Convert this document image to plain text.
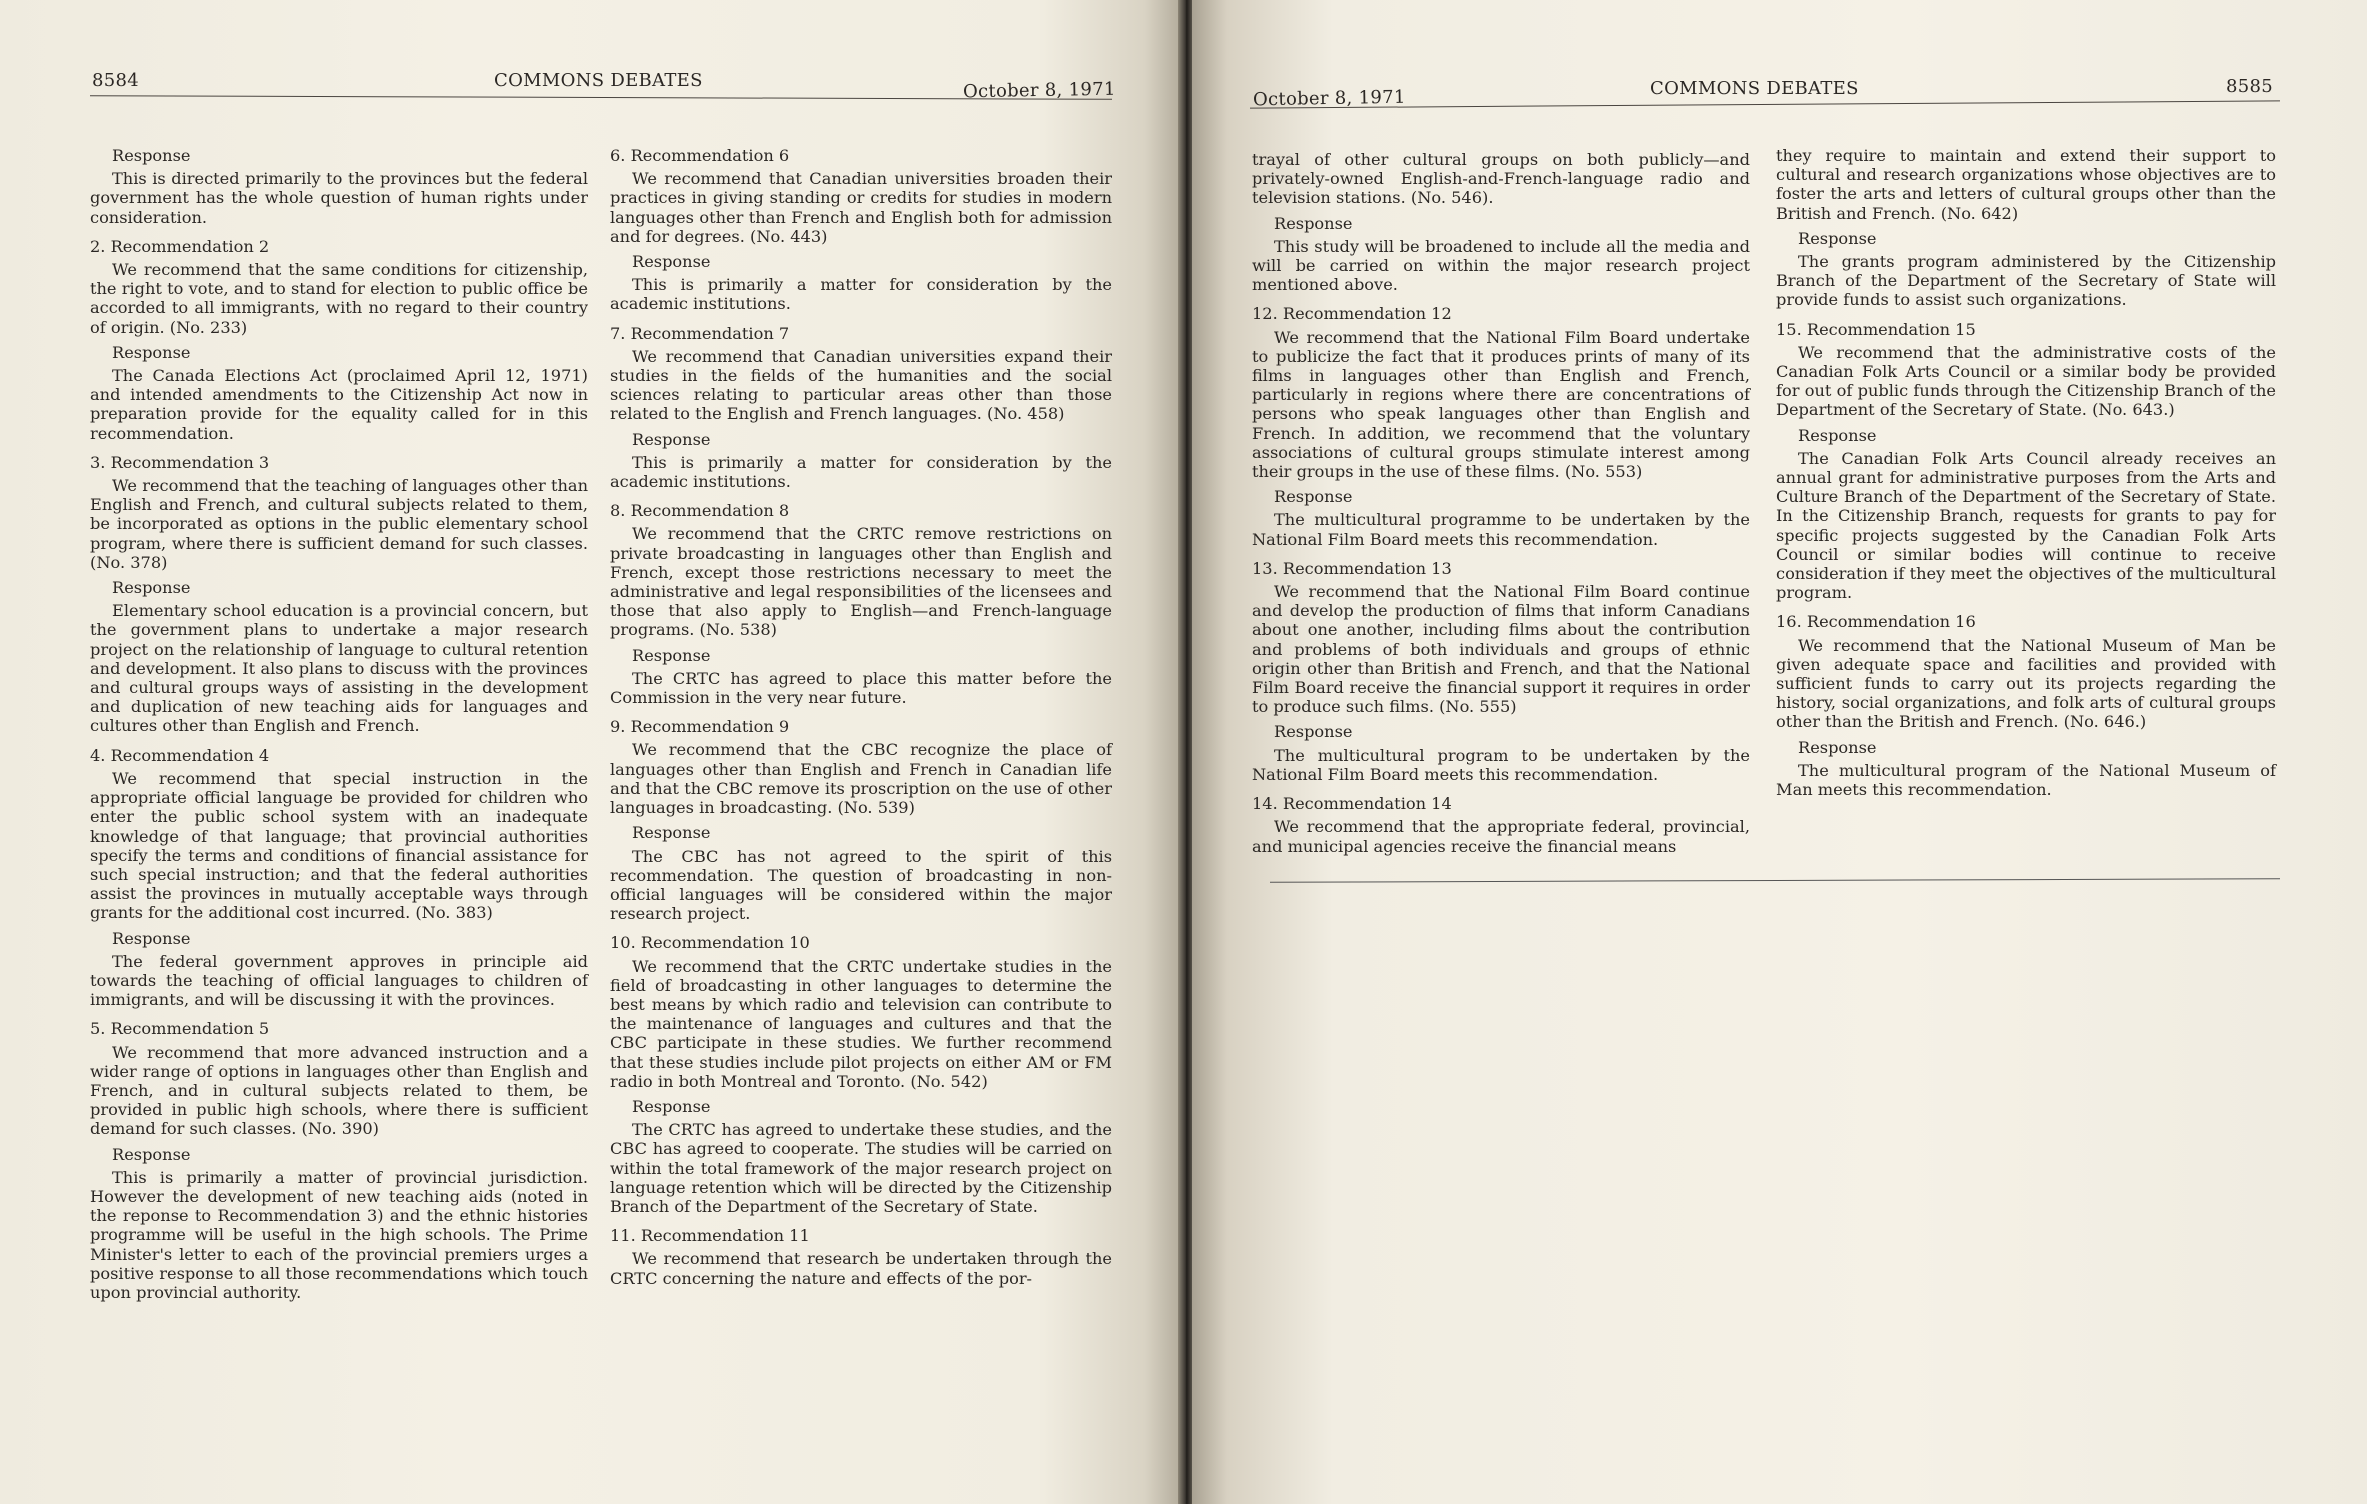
8584	COMMONS DEBATES	October 8, 1971

Response

This is directed primarily to the provinces but the federal government has the whole question of human rights under consideration.

2. Recommendation 2

We recommend that the same conditions for citizenship, the right to vote, and to stand for election to public office be accorded to all immigrants, with no regard to their country of origin. (No. 233)

Response

The Canada Elections Act (proclaimed April 12, 1971) and intended amendments to the Citizenship Act now in preparation provide for the equality called for in this recommendation.

3. Recommendation 3

We recommend that the teaching of languages other than English and French, and cultural subjects related to them, be incorporated as options in the public elementary school program, where there is sufficient demand for such classes. (No. 378)

Response

Elementary school education is a provincial concern, but the government plans to undertake a major research project on the relationship of language to cultural retention and development. It also plans to discuss with the provinces and cultural groups ways of assisting in the development and duplication of new teaching aids for languages and cultures other than English and French.

4. Recommendation 4

We recommend that special instruction in the appropriate official language be provided for children who enter the public school system with an inadequate knowledge of that language; that provincial authorities specify the terms and conditions of financial assistance for such special instruction; and that the federal authorities assist the provinces in mutually acceptable ways through grants for the additional cost incurred. (No. 383)

Response

The federal government approves in principle aid towards the teaching of official languages to children of immigrants, and will be discussing it with the provinces.

5. Recommendation 5

We recommend that more advanced instruction and a wider range of options in languages other than English and French, and in cultural subjects related to them, be provided in public high schools, where there is sufficient demand for such classes. (No. 390)

Response

This is primarily a matter of provincial jurisdiction. However the development of new teaching aids (noted in the reponse to Recommendation 3) and the ethnic histories programme will be useful in the high schools. The Prime Minister's letter to each of the provincial premiers urges a positive response to all those recommendations which touch upon provincial authority.

6. Recommendation 6

We recommend that Canadian universities broaden their practices in giving standing or credits for studies in modern languages other than French and English both for admission and for degrees. (No. 443)

Response

This is primarily a matter for consideration by the academic institutions.

7. Recommendation 7

We recommend that Canadian universities expand their studies in the fields of the humanities and the social sciences relating to particular areas other than those related to the English and French languages. (No. 458)

Response

This is primarily a matter for consideration by the academic institutions.

8. Recommendation 8

We recommend that the CRTC remove restrictions on private broadcasting in languages other than English and French, except those restrictions necessary to meet the administrative and legal responsibilities of the licensees and those that also apply to English—and French-language programs. (No. 538)

Response

The CRTC has agreed to place this matter before the Commission in the very near future.

9. Recommendation 9

We recommend that the CBC recognize the place of languages other than English and French in Canadian life and that the CBC remove its proscription on the use of other languages in broadcasting. (No. 539)

Response

The CBC has not agreed to the spirit of this recommendation. The question of broadcasting in non-official languages will be considered within the major research project.

10. Recommendation 10

We recommend that the CRTC undertake studies in the field of broadcasting in other languages to determine the best means by which radio and television can contribute to the maintenance of languages and cultures and that the CBC participate in these studies. We further recommend that these studies include pilot projects on either AM or FM radio in both Montreal and Toronto. (No. 542)

Response

The CRTC has agreed to undertake these studies, and the CBC has agreed to cooperate. The studies will be carried on within the total framework of the major research project on language retention which will be directed by the Citizenship Branch of the Department of the Secretary of State.

11. Recommendation 11

We recommend that research be undertaken through the CRTC concerning the nature and effects of the por-

October 8, 1971	COMMONS DEBATES	8585

trayal of other cultural groups on both publicly—and privately-owned English-and-French-language radio and television stations. (No. 546).

Response

This study will be broadened to include all the media and will be carried on within the major research project mentioned above.

12. Recommendation 12

We recommend that the National Film Board undertake to publicize the fact that it produces prints of many of its films in languages other than English and French, particularly in regions where there are concentrations of persons who speak languages other than English and French. In addition, we recommend that the voluntary associations of cultural groups stimulate interest among their groups in the use of these films. (No. 553)

Response

The multicultural programme to be undertaken by the National Film Board meets this recommendation.

13. Recommendation 13

We recommend that the National Film Board continue and develop the production of films that inform Canadians about one another, including films about the contribution and problems of both individuals and groups of ethnic origin other than British and French, and that the National Film Board receive the financial support it requires in order to produce such films. (No. 555)

Response

The multicultural program to be undertaken by the National Film Board meets this recommendation.

14. Recommendation 14

We recommend that the appropriate federal, provincial, and municipal agencies receive the financial means

they require to maintain and extend their support to cultural and research organizations whose objectives are to foster the arts and letters of cultural groups other than the British and French. (No. 642)

Response

The grants program administered by the Citizenship Branch of the Department of the Secretary of State will provide funds to assist such organizations.

15. Recommendation 15

We recommend that the administrative costs of the Canadian Folk Arts Council or a similar body be provided for out of public funds through the Citizenship Branch of the Department of the Secretary of State. (No. 643.)

Response

The Canadian Folk Arts Council already receives an annual grant for administrative purposes from the Arts and Culture Branch of the Department of the Secretary of State. In the Citizenship Branch, requests for grants to pay for specific projects suggested by the Canadian Folk Arts Council or similar bodies will continue to receive consideration if they meet the objectives of the multicultural program.

16. Recommendation 16

We recommend that the National Museum of Man be given adequate space and facilities and provided with sufficient funds to carry out its projects regarding the history, social organizations, and folk arts of cultural groups other than the British and French. (No. 646.)

Response

The multicultural program of the National Museum of Man meets this recommendation.
